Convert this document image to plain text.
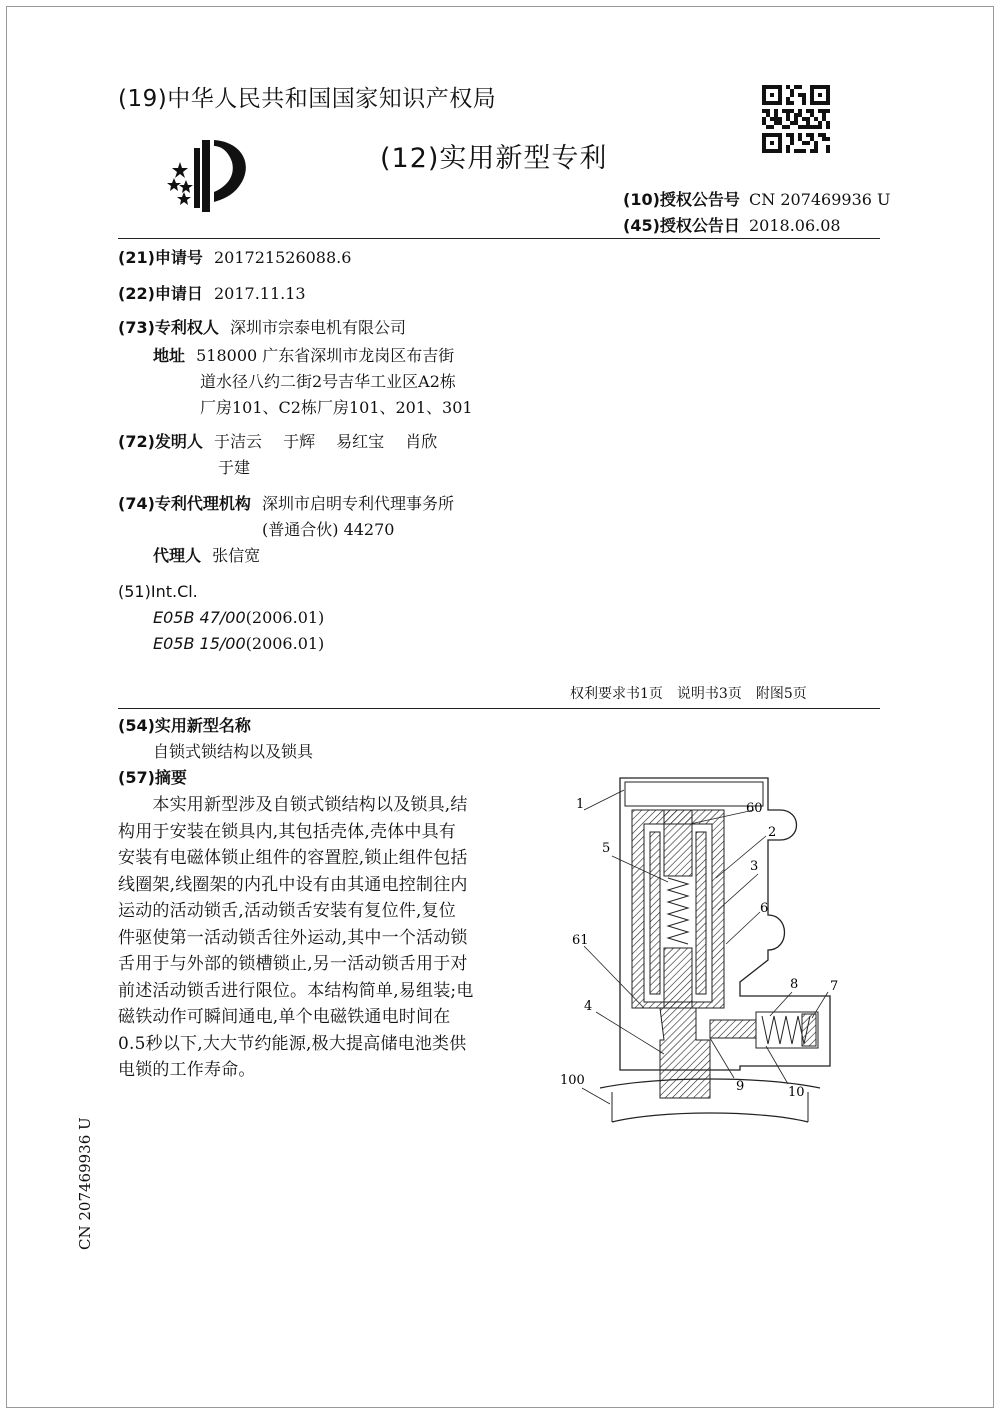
(19)中华人民共和国国家知识产权局
(12)实用新型专利
(10)授权公告号 CN 207469936 U
(45)授权公告日 2018.06.08
(21)申请号 201721526088.6
(22)申请日 2017.11.13
(73)专利权人 深圳市宗泰电机有限公司
地址 518000 广东省深圳市龙岗区布吉街
道水径八约二街2号吉华工业区A2栋
厂房101、C2栋厂房101、201、301
(72)发明人 于洁云　 于辉　 易红宝　 肖欣
于建
(74)专利代理机构 深圳市启明专利代理事务所
(普通合伙) 44270
代理人 张信宽
(51)Int.Cl.
E05B 47/00(2006.01)
E05B 15/00(2006.01)
权利要求书1页　说明书3页　附图5页
(54)实用新型名称
自锁式锁结构以及锁具
(57)摘要
　　本实用新型涉及自锁式锁结构以及锁具,结
构用于安装在锁具内,其包括壳体,壳体中具有
安装有电磁体锁止组件的容置腔,锁止组件包括
线圈架,线圈架的内孔中设有由其通电控制往内
运动的活动锁舌,活动锁舌安装有复位件,复位
件驱使第一活动锁舌往外运动,其中一个活动锁
舌用于与外部的锁槽锁止,另一活动锁舌用于对
前述活动锁舌进行限位。本结构简单,易组装;电
磁铁动作可瞬间通电,单个电磁铁通电时间在
0.5秒以下,大大节约能源,极大提高储电池类供
电锁的工作寿命。
1	60
2
5
3
6
61
4
8 7
9	10
100
CN 207469936 U
